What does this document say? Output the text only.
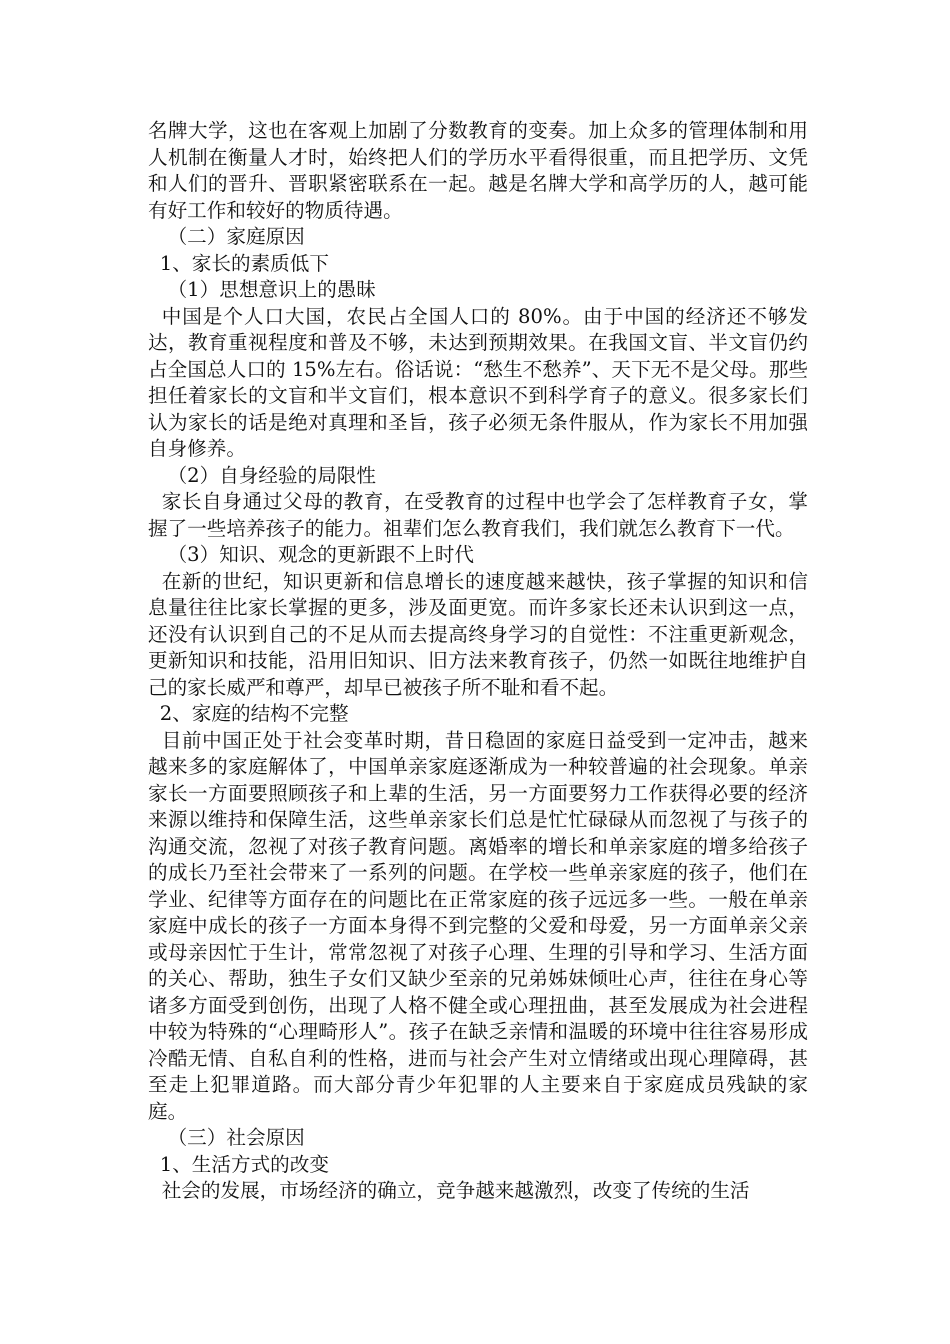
名牌大学，这也在客观上加剧了分数教育的变奏。加上众多的管理体制和用人机制在衡量人才时，始终把人们的学历水平看得很重，而且把学历、文凭和人们的晋升、晋职紧密联系在一起。越是名牌大学和高学历的人，越可能有好工作和较好的物质待遇。

（二）家庭原因

1、家长的素质低下

（1）思想意识上的愚昧

中国是个人口大国，农民占全国人口的 80%。由于中国的经济还不够发达，教育重视程度和普及不够，未达到预期效果。在我国文盲、半文盲仍约占全国总人口的 15%左右。俗话说：“愁生不愁养”、天下无不是父母。那些担任着家长的文盲和半文盲们，根本意识不到科学育子的意义。很多家长们认为家长的话是绝对真理和圣旨，孩子必须无条件服从，作为家长不用加强自身修养。

（2）自身经验的局限性

家长自身通过父母的教育，在受教育的过程中也学会了怎样教育子女，掌握了一些培养孩子的能力。祖辈们怎么教育我们，我们就怎么教育下一代。

（3）知识、观念的更新跟不上时代

在新的世纪，知识更新和信息增长的速度越来越快，孩子掌握的知识和信息量往往比家长掌握的更多，涉及面更宽。而许多家长还未认识到这一点，还没有认识到自己的不足从而去提高终身学习的自觉性：不注重更新观念，更新知识和技能，沿用旧知识、旧方法来教育孩子，仍然一如既往地维护自己的家长威严和尊严，却早已被孩子所不耻和看不起。

2、家庭的结构不完整

目前中国正处于社会变革时期，昔日稳固的家庭日益受到一定冲击，越来越来多的家庭解体了，中国单亲家庭逐渐成为一种较普遍的社会现象。单亲家长一方面要照顾孩子和上辈的生活，另一方面要努力工作获得必要的经济来源以维持和保障生活，这些单亲家长们总是忙忙碌碌从而忽视了与孩子的沟通交流，忽视了对孩子教育问题。离婚率的增长和单亲家庭的增多给孩子的成长乃至社会带来了一系列的问题。在学校一些单亲家庭的孩子，他们在学业、纪律等方面存在的问题比在正常家庭的孩子远远多一些。一般在单亲家庭中成长的孩子一方面本身得不到完整的父爱和母爱，另一方面单亲父亲或母亲因忙于生计，常常忽视了对孩子心理、生理的引导和学习、生活方面的关心、帮助，独生子女们又缺少至亲的兄弟姊妹倾吐心声，往往在身心等诸多方面受到创伤，出现了人格不健全或心理扭曲，甚至发展成为社会进程中较为特殊的“心理畸形人”。孩子在缺乏亲情和温暖的环境中往往容易形成冷酷无情、自私自利的性格，进而与社会产生对立情绪或出现心理障碍，甚至走上犯罪道路。而大部分青少年犯罪的人主要来自于家庭成员残缺的家庭。

（三）社会原因

1、生活方式的改变

社会的发展，市场经济的确立，竞争越来越激烈，改变了传统的生活
